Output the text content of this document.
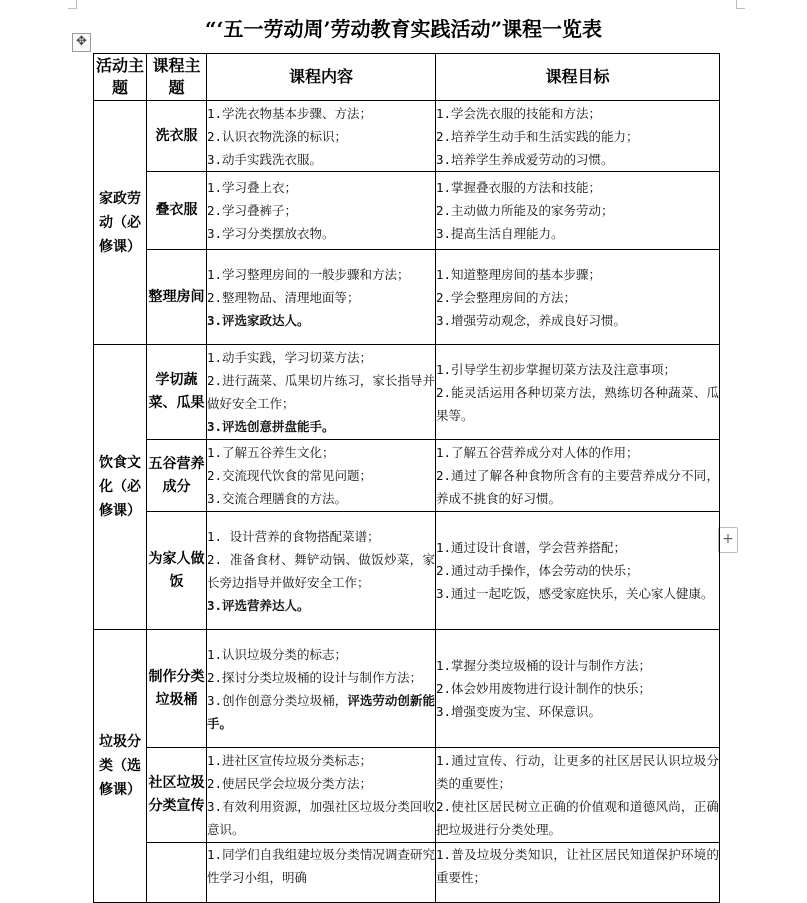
✥
+
“‘五一劳动周’劳动教育实践活动”课程一览表
活动主题	课程主题	课程内容	课程目标
家政劳动（必修课）	洗衣服	1.学洗衣物基本步骤、方法；
2.认识衣物洗涤的标识；
3.动手实践洗衣服。	1.学会洗衣服的技能和方法；
2.培养学生动手和生活实践的能力；
3.培养学生养成爱劳动的习惯。

	叠衣服	1.学习叠上衣；
2.学习叠裤子；
3.学习分类摆放衣物。	1.掌握叠衣服的方法和技能；
2.主动做力所能及的家务劳动；
3.提高生活自理能力。

	整理房间	1.学习整理房间的一般步骤和方法；
2.整理物品、清理地面等；
3.评选家政达人。	1.知道整理房间的基本步骤；
2.学会整理房间的方法；
3.增强劳动观念，养成良好习惯。

饮食文化（必修课）	学切蔬菜、瓜果	1.动手实践，学习切菜方法；
2.进行蔬菜、瓜果切片练习，家长指导并做好安全工作；
3.评选创意拼盘能手。	1.引导学生初步掌握切菜方法及注意事项；
2.能灵活运用各种切菜方法，熟练切各种蔬菜、瓜果等。

	五谷营养成分	1.了解五谷养生文化；
2.交流现代饮食的常见问题；
3.交流合理膳食的方法。	1.了解五谷营养成分对人体的作用；
2.通过了解各种食物所含有的主要营养成分不同，养成不挑食的好习惯。

	为家人做饭	1. 设计营养的食物搭配菜谱；
2. 准备食材、舞铲动锅、做饭炒菜，家长旁边指导并做好安全工作；
3.评选营养达人。	1.通过设计食谱，学会营养搭配；
2.通过动手操作，体会劳动的快乐；
3.通过一起吃饭，感受家庭快乐，关心家人健康。

垃圾分类（选修课）	制作分类垃圾桶	1.认识垃圾分类的标志；
2.探讨分类垃圾桶的设计与制作方法；
3.创作创意分类垃圾桶，评选劳动创新能手。	1.掌握分类垃圾桶的设计与制作方法；
2.体会妙用废物进行设计制作的快乐；
3.增强变废为宝、环保意识。

	社区垃圾分类宣传	1.进社区宣传垃圾分类标志；
2.使居民学会垃圾分类方法；
3.有效利用资源，加强社区垃圾分类回收意识。	1.通过宣传、行动，让更多的社区居民认识垃圾分类的重要性；
2.使社区居民树立正确的价值观和道德风尚，正确把垃圾进行分类处理。

		1.同学们自我组建垃圾分类情况调查研究性学习小组，明确	1.普及垃圾分类知识，让社区居民知道保护环境的重要性；
